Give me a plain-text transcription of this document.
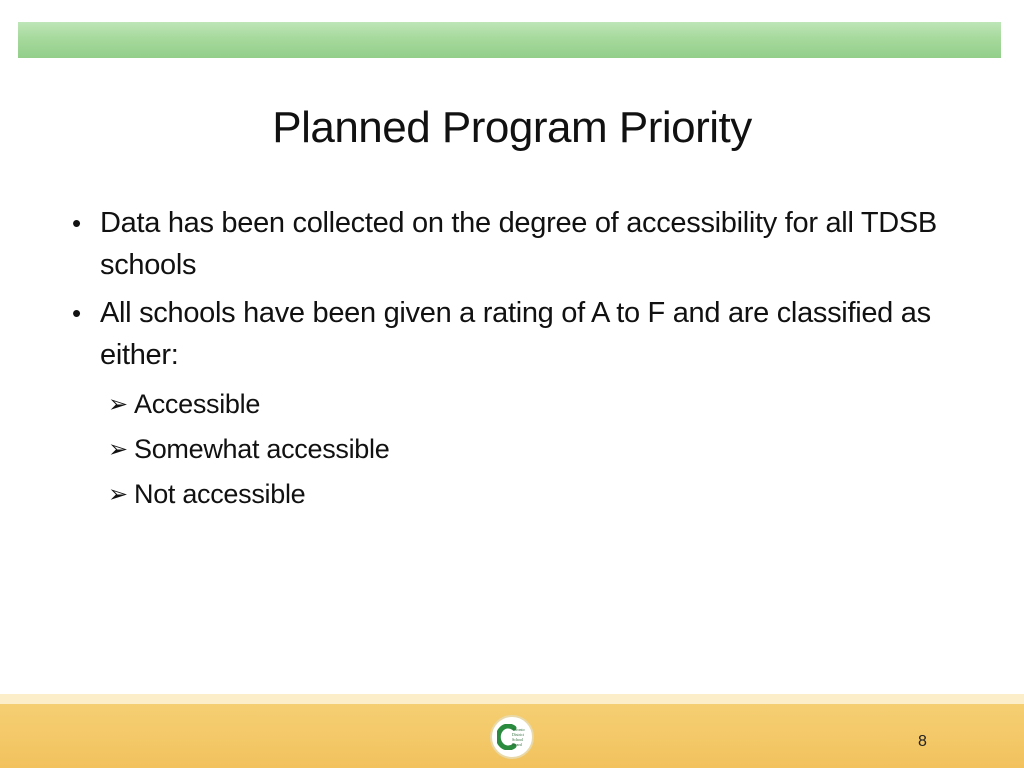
Planned Program Priority
• Data has been collected on the degree of accessibility for all TDSB schools
• All schools have been given a rating of A to F and are classified as either:
➢ Accessible
➢ Somewhat accessible
➢ Not accessible
Toronto
District
School
Board	8
